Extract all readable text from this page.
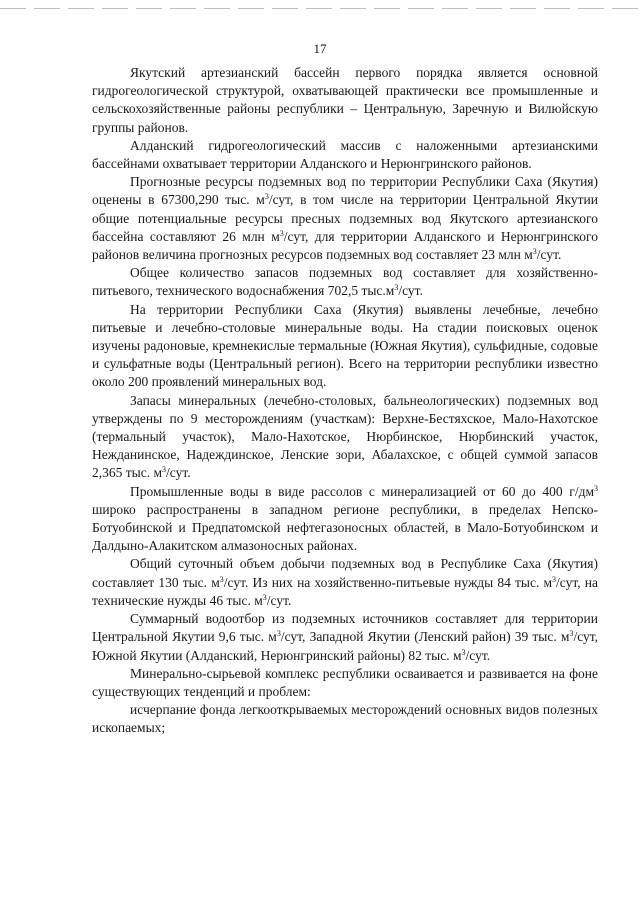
17

Якутский артезианский бассейн первого порядка является основной гидрогеологической структурой, охватывающей практически все промышленные и сельскохозяйственные районы республики – Центральную, Заречную и Вилюйскую группы районов.

Алданский гидрогеологический массив с наложенными артезианскими бассейнами охватывает территории Алданского и Нерюнгринского районов.

Прогнозные ресурсы подземных вод по территории Республики Саха (Якутия) оценены в 67300,290 тыс. $м^3$/сут, в том числе на территории Центральной Якутии общие потенциальные ресурсы пресных подземных вод Якутского артезианского бассейна составляют 26 млн $м^3$/сут, для территории Алданского и Нерюнгринского районов величина прогнозных ресурсов подземных вод составляет 23 млн $м^3$/сут.

Общее количество запасов подземных вод составляет для хозяйственно-питьевого, технического водоснабжения 702,5 $тыс.м^3$/сут.

На территории Республики Саха (Якутия) выявлены лечебные, лечебно питьевые и лечебно-столовые минеральные воды. На стадии поисковых оценок изучены радоновые, кремнекислые термальные (Южная Якутия), сульфидные, содовые и сульфатные воды (Центральный регион). Всего на территории республики известно около 200 проявлений минеральных вод.

Запасы минеральных (лечебно-столовых, бальнеологических) подземных вод утверждены по 9 месторождениям (участкам): Верхне-Бестяхское, Мало-Нахотское (термальный участок), Мало-Нахотское, Нюрбинское, Нюрбинский участок, Нежданинское, Надеждинское, Ленские зори, Абалахское, с общей суммой запасов 2,365 тыс. $м^3$/сут.

Промышленные воды в виде рассолов с минерализацией от 60 до 400 $г/дм^3$ широко распространены в западном регионе республики, в пределах Непско-Ботуобинской и Предпатомской нефтегазоносных областей, в Мало-Ботуобинском и Далдыно-Алакитском алмазоносных районах.

Общий суточный объем добычи подземных вод в Республике Саха (Якутия) составляет 130 тыс. $м^3$/сут. Из них на хозяйственно-питьевые нужды 84 тыс. $м^3$/сут, на технические нужды 46 тыс. $м^3$/сут.

Суммарный водоотбор из подземных источников составляет для территории Центральной Якутии 9,6 тыс. $м^3$/сут, Западной Якутии (Ленский район) 39 тыс. $м^3$/сут, Южной Якутии (Алданский, Нерюнгринский районы) 82 тыс. $м^3$/сут.

Минерально-сырьевой комплекс республики осваивается и развивается на фоне существующих тенденций и проблем:

исчерпание фонда легкооткрываемых месторождений основных видов полезных ископаемых;
